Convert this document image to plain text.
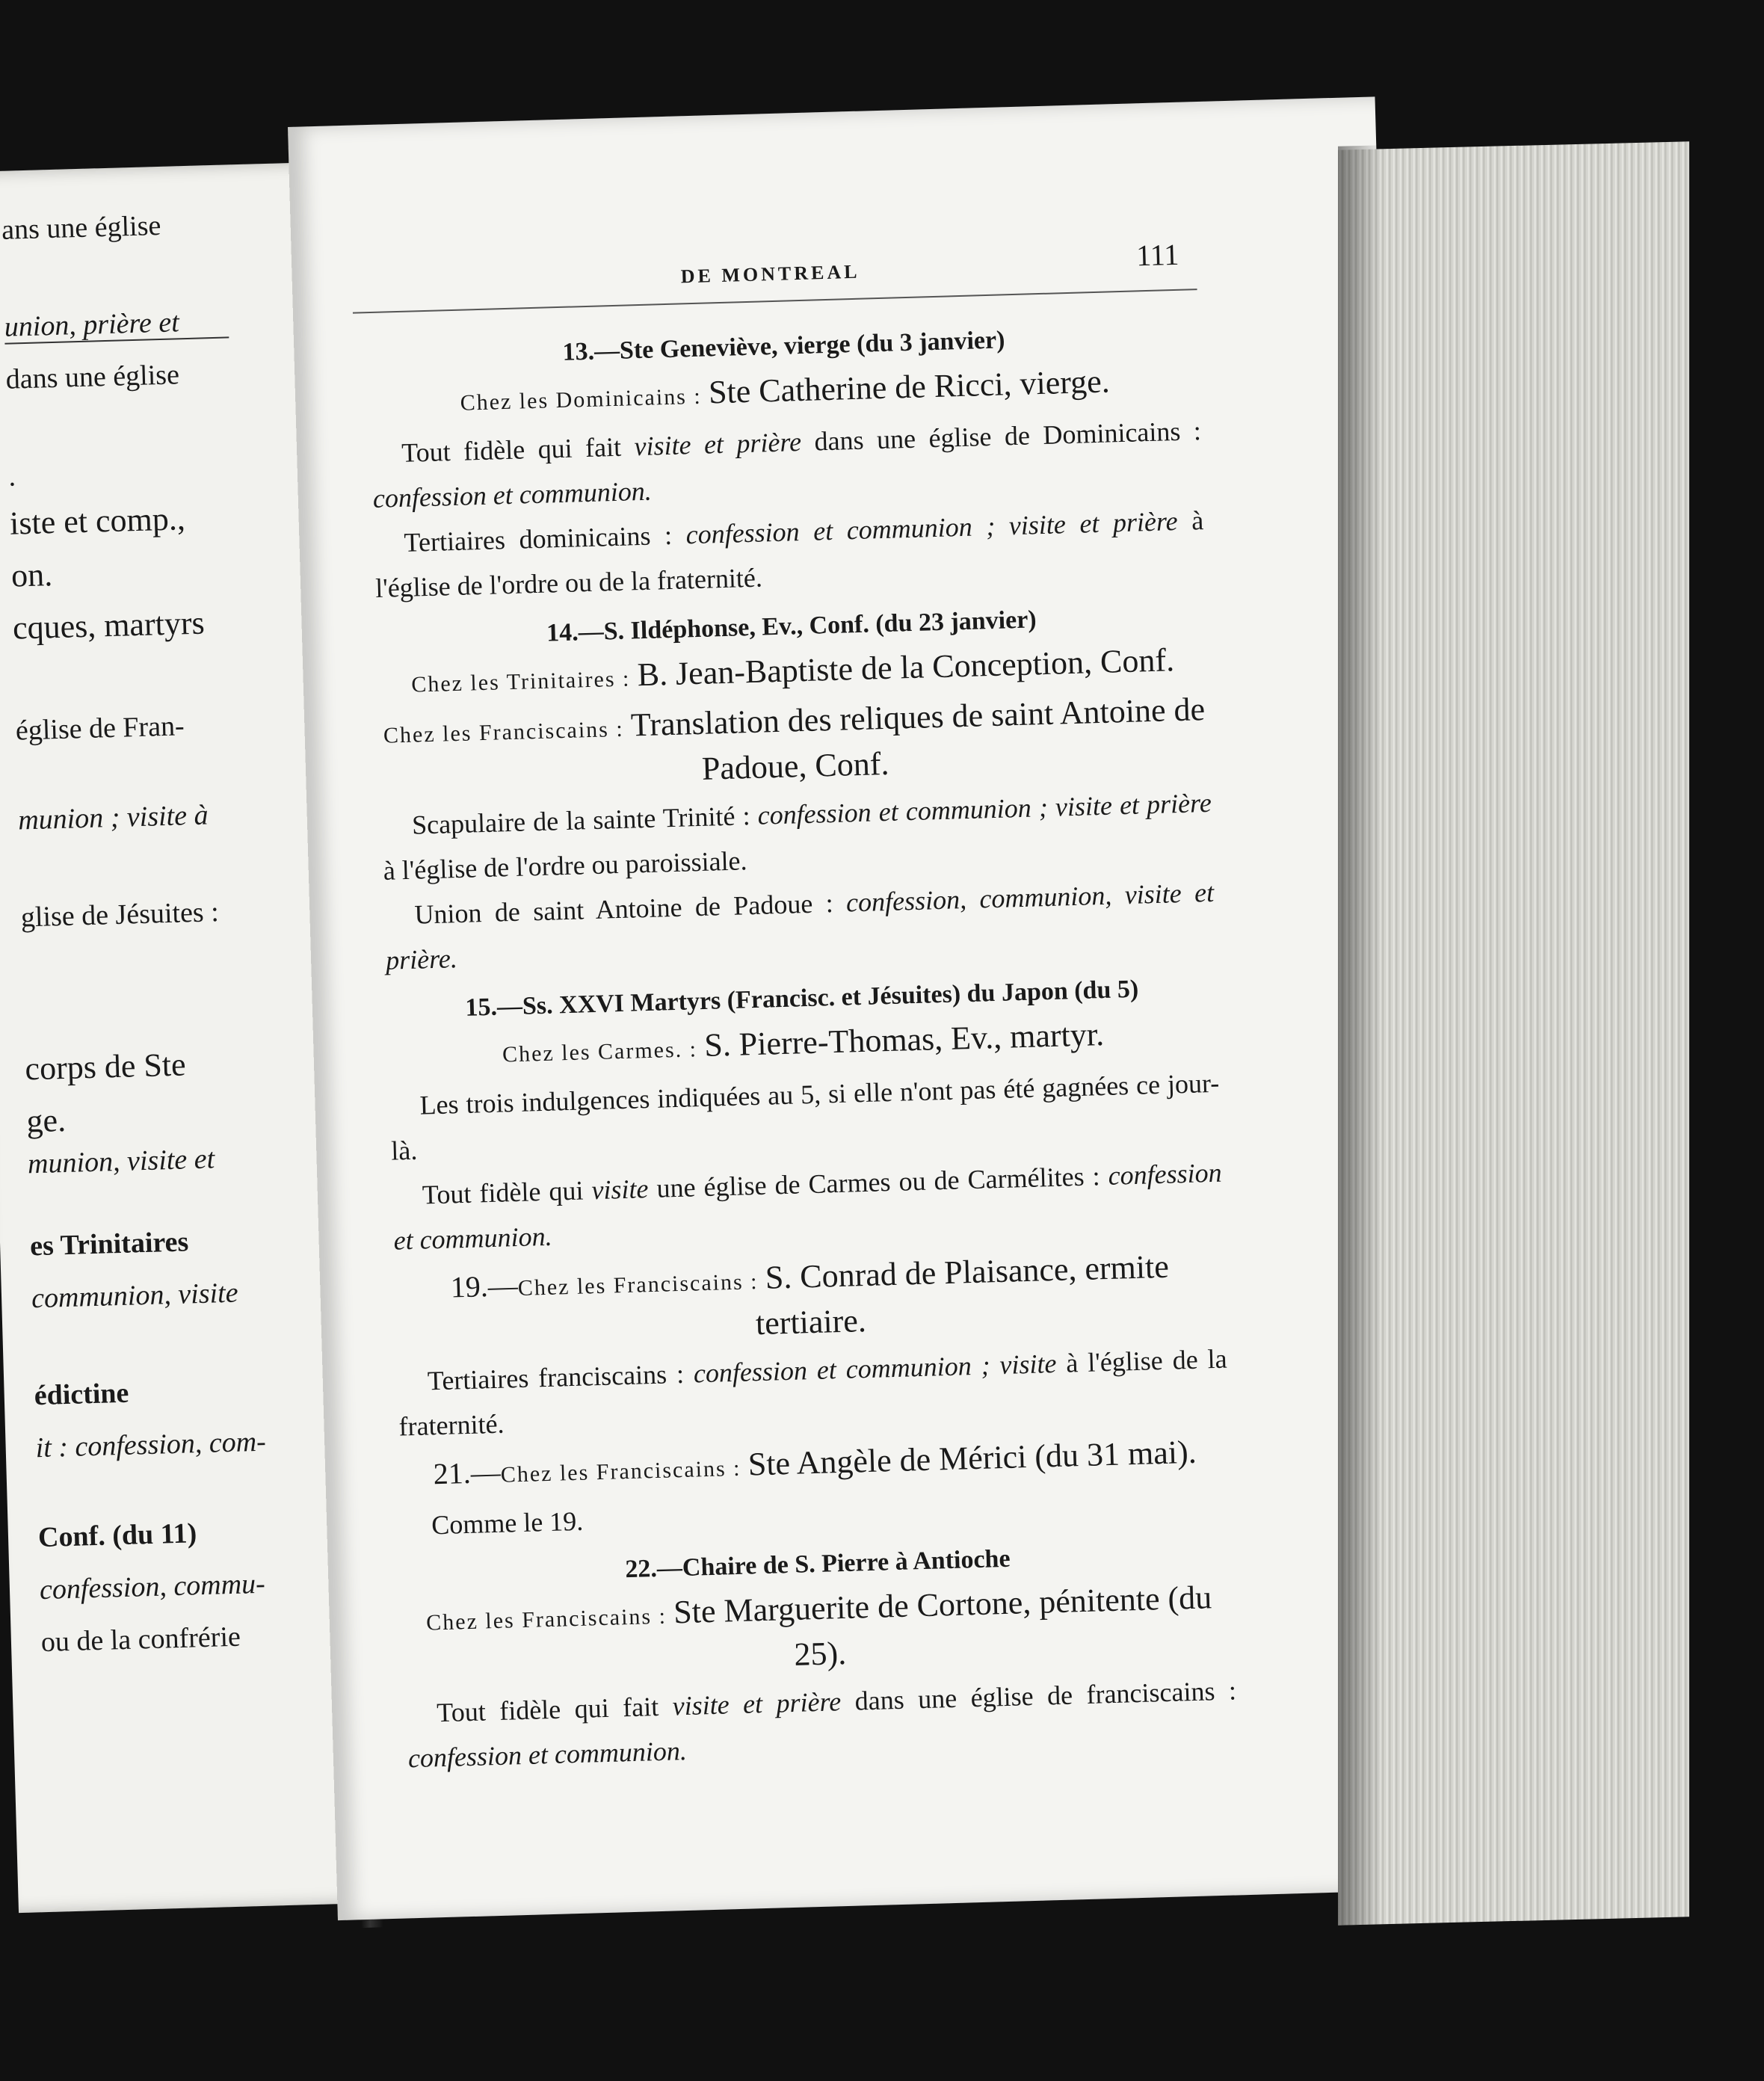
ans une église
union, prière et
dans une église
.
iste et comp.,
on.
cques, martyrs
église de Fran-
munion ; visite à
glise de Jésuites :
corps de Ste
ge.
munion, visite et
es Trinitaires
communion, visite
édictine
it : confession, com-
Conf. (du 11)
confession, commu-
ou de la confrérie
DE MONTREAL
111
13.—Ste Geneviève, vierge (du 3 janvier)
Chez les Dominicains : Ste Catherine de Ricci, vierge.

Tout fidèle qui fait visite et prière dans une église de Dominicains : confession et communion.

Tertiaires dominicains : confession et communion ; visite et prière à l'église de l'ordre ou de la fraternité.

14.—S. Ildéphonse, Ev., Conf. (du 23 janvier)
Chez les Trinitaires : B. Jean-Baptiste de la Conception, Conf.
Chez les Franciscains : Translation des reliques de saint Antoine de Padoue, Conf.

Scapulaire de la sainte Trinité : confession et communion ; visite et prière à l'église de l'ordre ou paroissiale.

Union de saint Antoine de Padoue : confession, communion, visite et prière.

15.—Ss. XXVI Martyrs (Francisc. et Jésuites) du Japon (du 5)
Chez les Carmes. : S. Pierre-Thomas, Ev., martyr.

Les trois indulgences indiquées au 5, si elle n'ont pas été gagnées ce jour-là.

Tout fidèle qui visite une église de Carmes ou de Carmélites : confession et communion.

19.—Chez les Franciscains : S. Conrad de Plaisance, ermite tertiaire.

Tertiaires franciscains : confession et communion ; visite à l'église de la fraternité.

21.—Chez les Franciscains : Ste Angèle de Mérici (du 31 mai).

Comme le 19.

22.—Chaire de S. Pierre à Antioche
Chez les Franciscains : Ste Marguerite de Cortone, pénitente (du 25).

Tout fidèle qui fait visite et prière dans une église de franciscains : confession et communion.
